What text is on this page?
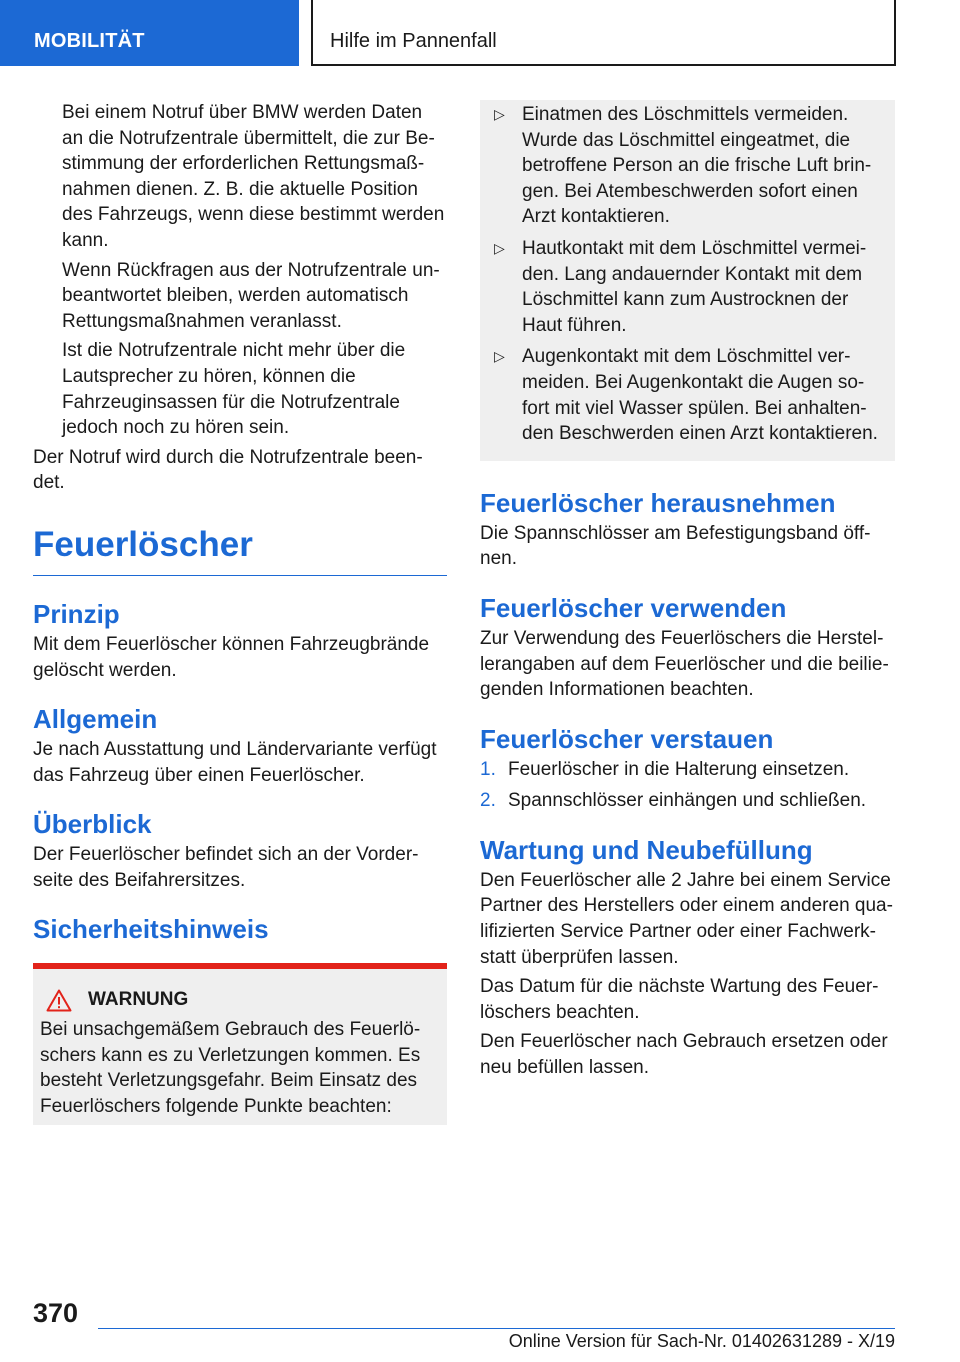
MOBILITÄT	Hilfe im Pannenfall

Bei einem Notruf über BMW werden Daten an die Notrufzentrale übermittelt, die zur Bestimmung der erforderlichen Rettungsmaßnahmen dienen. Z. B. die aktuelle Position des Fahrzeugs, wenn diese bestimmt werden kann.

Wenn Rückfragen aus der Notrufzentrale unbeantwortet bleiben, werden automatisch Rettungsmaßnahmen veranlasst.

Ist die Notrufzentrale nicht mehr über die Lautsprecher zu hören, können die Fahrzeuginsassen für die Notrufzentrale jedoch noch zu hören sein.

Der Notruf wird durch die Notrufzentrale beendet.

Feuerlöscher
Prinzip

Mit dem Feuerlöscher können Fahrzeugbrände gelöscht werden.

Allgemein

Je nach Ausstattung und Ländervariante verfügt das Fahrzeug über einen Feuerlöscher.

Überblick

Der Feuerlöscher befindet sich an der Vorderseite des Beifahrersitzes.

Sicherheitshinweis
WARNUNG

Bei unsachgemäßem Gebrauch des Feuerlöschers kann es zu Verletzungen kommen. Es besteht Verletzungsgefahr. Beim Einsatz des Feuerlöschers folgende Punkte beachten:

▷ Einatmen des Löschmittels vermeiden. Wurde das Löschmittel eingeatmet, die betroffene Person an die frische Luft bringen. Bei Atembeschwerden sofort einen Arzt kontaktieren.
▷ Hautkontakt mit dem Löschmittel vermeiden. Lang andauernder Kontakt mit dem Löschmittel kann zum Austrocknen der Haut führen.
▷ Augenkontakt mit dem Löschmittel vermeiden. Bei Augenkontakt die Augen sofort mit viel Wasser spülen. Bei anhaltenden Beschwerden einen Arzt kontaktieren.
Feuerlöscher herausnehmen

Die Spannschlösser am Befestigungsband öffnen.

Feuerlöscher verwenden

Zur Verwendung des Feuerlöschers die Herstellerangaben auf dem Feuerlöscher und die beiliegenden Informationen beachten.

Feuerlöscher verstauen
1. Feuerlöscher in die Halterung einsetzen.
2. Spannschlösser einhängen und schließen.
Wartung und Neubefüllung

Den Feuerlöscher alle 2 Jahre bei einem Service Partner des Herstellers oder einem anderen qualifizierten Service Partner oder einer Fachwerkstatt überprüfen lassen.

Das Datum für die nächste Wartung des Feuerlöschers beachten.

Den Feuerlöscher nach Gebrauch ersetzen oder neu befüllen lassen.

370
Online Version für Sach-Nr. 01402631289 - X/19
